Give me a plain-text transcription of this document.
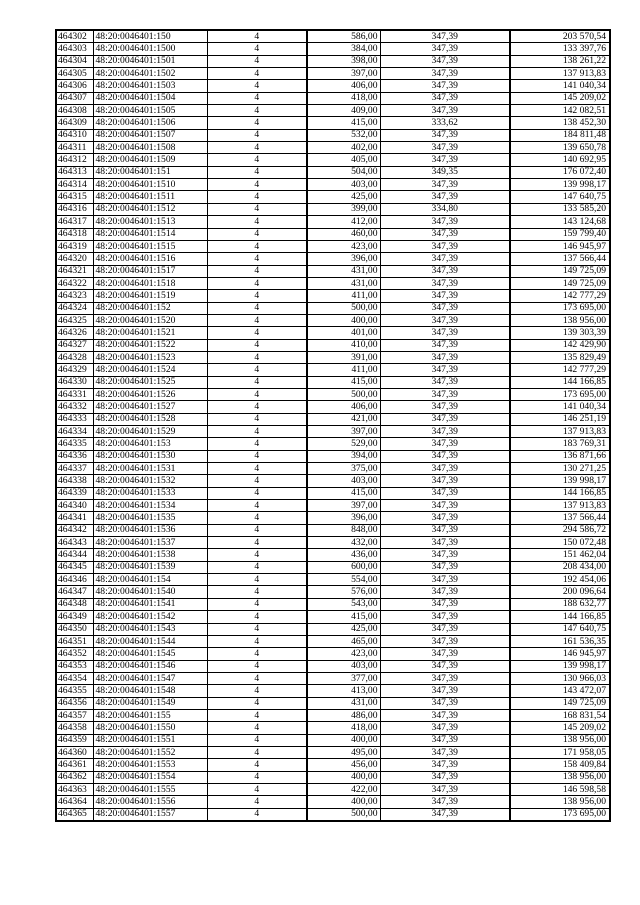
464302	48:20:0046401:150	4	586,00	347,39	203 570,54
464303	48:20:0046401:1500	4	384,00	347,39	133 397,76
464304	48:20:0046401:1501	4	398,00	347,39	138 261,22
464305	48:20:0046401:1502	4	397,00	347,39	137 913,83
464306	48:20:0046401:1503	4	406,00	347,39	141 040,34
464307	48:20:0046401:1504	4	418,00	347,39	145 209,02
464308	48:20:0046401:1505	4	409,00	347,39	142 082,51
464309	48:20:0046401:1506	4	415,00	333,62	138 452,30
464310	48:20:0046401:1507	4	532,00	347,39	184 811,48
464311	48:20:0046401:1508	4	402,00	347,39	139 650,78
464312	48:20:0046401:1509	4	405,00	347,39	140 692,95
464313	48:20:0046401:151	4	504,00	349,35	176 072,40
464314	48:20:0046401:1510	4	403,00	347,39	139 998,17
464315	48:20:0046401:1511	4	425,00	347,39	147 640,75
464316	48:20:0046401:1512	4	399,00	334,80	133 585,20
464317	48:20:0046401:1513	4	412,00	347,39	143 124,68
464318	48:20:0046401:1514	4	460,00	347,39	159 799,40
464319	48:20:0046401:1515	4	423,00	347,39	146 945,97
464320	48:20:0046401:1516	4	396,00	347,39	137 566,44
464321	48:20:0046401:1517	4	431,00	347,39	149 725,09
464322	48:20:0046401:1518	4	431,00	347,39	149 725,09
464323	48:20:0046401:1519	4	411,00	347,39	142 777,29
464324	48:20:0046401:152	4	500,00	347,39	173 695,00
464325	48:20:0046401:1520	4	400,00	347,39	138 956,00
464326	48:20:0046401:1521	4	401,00	347,39	139 303,39
464327	48:20:0046401:1522	4	410,00	347,39	142 429,90
464328	48:20:0046401:1523	4	391,00	347,39	135 829,49
464329	48:20:0046401:1524	4	411,00	347,39	142 777,29
464330	48:20:0046401:1525	4	415,00	347,39	144 166,85
464331	48:20:0046401:1526	4	500,00	347,39	173 695,00
464332	48:20:0046401:1527	4	406,00	347,39	141 040,34
464333	48:20:0046401:1528	4	421,00	347,39	146 251,19
464334	48:20:0046401:1529	4	397,00	347,39	137 913,83
464335	48:20:0046401:153	4	529,00	347,39	183 769,31
464336	48:20:0046401:1530	4	394,00	347,39	136 871,66
464337	48:20:0046401:1531	4	375,00	347,39	130 271,25
464338	48:20:0046401:1532	4	403,00	347,39	139 998,17
464339	48:20:0046401:1533	4	415,00	347,39	144 166,85
464340	48:20:0046401:1534	4	397,00	347,39	137 913,83
464341	48:20:0046401:1535	4	396,00	347,39	137 566,44
464342	48:20:0046401:1536	4	848,00	347,39	294 586,72
464343	48:20:0046401:1537	4	432,00	347,39	150 072,48
464344	48:20:0046401:1538	4	436,00	347,39	151 462,04
464345	48:20:0046401:1539	4	600,00	347,39	208 434,00
464346	48:20:0046401:154	4	554,00	347,39	192 454,06
464347	48:20:0046401:1540	4	576,00	347,39	200 096,64
464348	48:20:0046401:1541	4	543,00	347,39	188 632,77
464349	48:20:0046401:1542	4	415,00	347,39	144 166,85
464350	48:20:0046401:1543	4	425,00	347,39	147 640,75
464351	48:20:0046401:1544	4	465,00	347,39	161 536,35
464352	48:20:0046401:1545	4	423,00	347,39	146 945,97
464353	48:20:0046401:1546	4	403,00	347,39	139 998,17
464354	48:20:0046401:1547	4	377,00	347,39	130 966,03
464355	48:20:0046401:1548	4	413,00	347,39	143 472,07
464356	48:20:0046401:1549	4	431,00	347,39	149 725,09
464357	48:20:0046401:155	4	486,00	347,39	168 831,54
464358	48:20:0046401:1550	4	418,00	347,39	145 209,02
464359	48:20:0046401:1551	4	400,00	347,39	138 956,00
464360	48:20:0046401:1552	4	495,00	347,39	171 958,05
464361	48:20:0046401:1553	4	456,00	347,39	158 409,84
464362	48:20:0046401:1554	4	400,00	347,39	138 956,00
464363	48:20:0046401:1555	4	422,00	347,39	146 598,58
464364	48:20:0046401:1556	4	400,00	347,39	138 956,00
464365	48:20:0046401:1557	4	500,00	347,39	173 695,00
